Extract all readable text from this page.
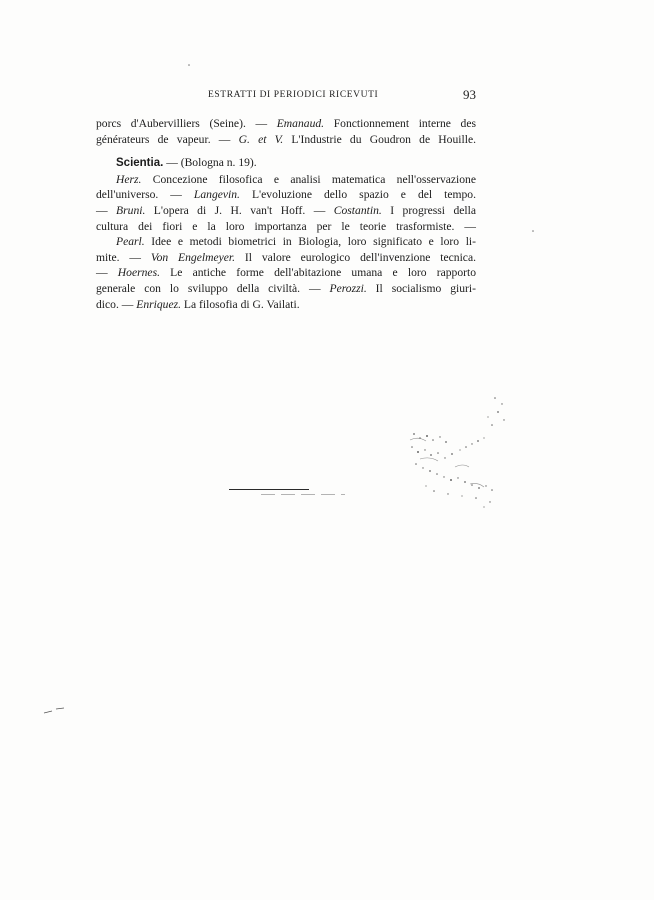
ESTRATTI DI PERIODICI RICEVUTI	93
porcs d'Aubervilliers (Seine). — Emanaud. Fonctionnement interne des
générateurs de vapeur. — G. et V. L'Industrie du Goudron de Houille.
Scientia. — (Bologna n. 19).
Herz. Concezione filosofica e analisi matematica nell'osservazione
dell'universo. — Langevin. L'evoluzione dello spazio e del tempo.
— Bruni. L'opera di J. H. van't Hoff. — Costantin. I progressi della
cultura dei fiori e la loro importanza per le teorie trasformiste. —
Pearl. Idee e metodi biometrici in Biologia, loro significato e loro li-
mite. — Von Engelmeyer. Il valore eurologico dell'invenzione tecnica.
— Hoernes. Le antiche forme dell'abitazione umana e loro rapporto
generale con lo sviluppo della civiltà. — Perozzi. Il socialismo giuri-
dico. — Enriquez. La filosofia di G. Vailati.
